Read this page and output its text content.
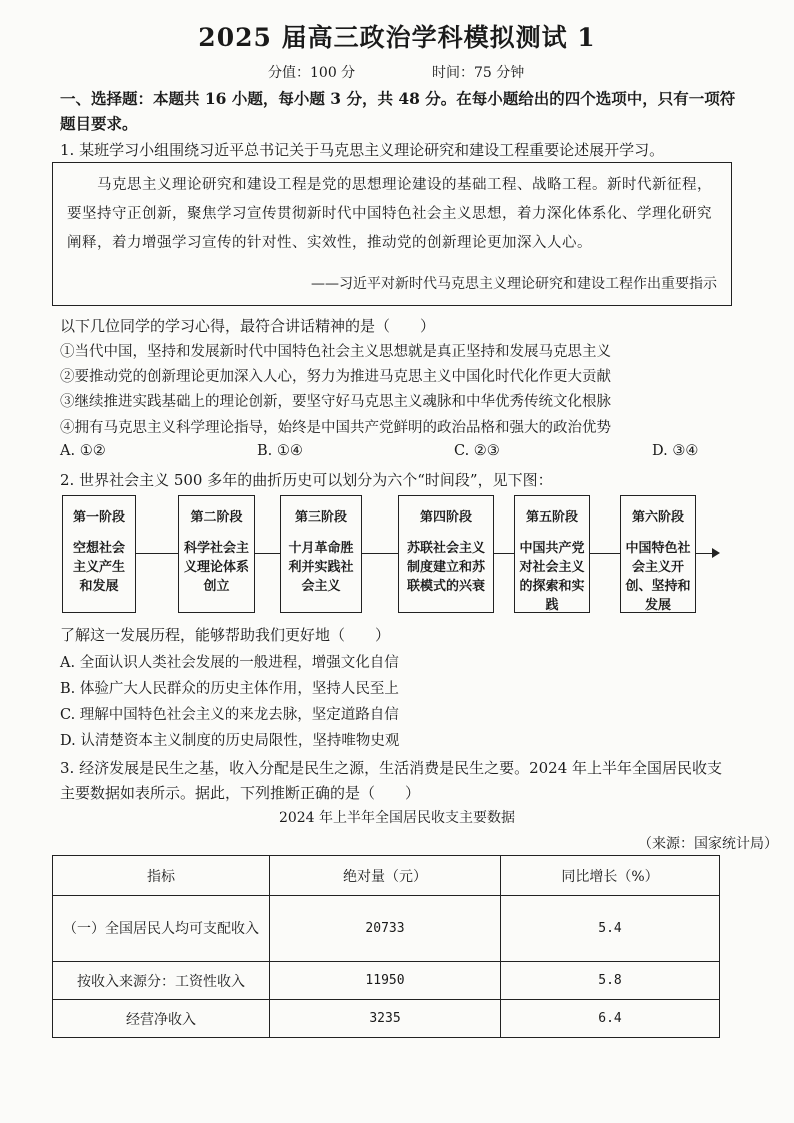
2025 届高三政治学科模拟测试 1
分值：100 分	时间：75 分钟
一、选择题：本题共 16 小题，每小题 3 分，共 48 分。在每小题给出的四个选项中，只有一项符
题目要求。
1. 某班学习小组围绕习近平总书记关于马克思主义理论研究和建设工程重要论述展开学习。
马克思主义理论研究和建设工程是党的思想理论建设的基础工程、战略工程。新时代新征程，要坚持守正创新，聚焦学习宣传贯彻新时代中国特色社会主义思想，着力深化体系化、学理化研究阐释，着力增强学习宣传的针对性、实效性，推动党的创新理论更加深入人心。
——习近平对新时代马克思主义理论研究和建设工程作出重要指示
以下几位同学的学习心得，最符合讲话精神的是（　　）
①当代中国，坚持和发展新时代中国特色社会主义思想就是真正坚持和发展马克思主义
②要推动党的创新理论更加深入人心，努力为推进马克思主义中国化时代化作更大贡献
③继续推进实践基础上的理论创新，要坚守好马克思主义魂脉和中华优秀传统文化根脉
④拥有马克思主义科学理论指导，始终是中国共产党鲜明的政治品格和强大的政治优势
A. ①②	B. ①④	C. ②③	D. ③④
2. 世界社会主义 500 多年的曲折历史可以划分为六个“时间段”，见下图：
第一阶段
空想社会主义产生和发展
第二阶段
科学社会主义理论体系创立
第三阶段
十月革命胜利并实践社会主义
第四阶段
苏联社会主义制度建立和苏联模式的兴衰
第五阶段
中国共产党对社会主义的探索和实践
第六阶段
中国特色社会主义开创、坚持和发展
了解这一发展历程，能够帮助我们更好地（　　）
A. 全面认识人类社会发展的一般进程，增强文化自信
B. 体验广大人民群众的历史主体作用，坚持人民至上
C. 理解中国特色社会主义的来龙去脉，坚定道路自信
D. 认清楚资本主义制度的历史局限性，坚持唯物史观
3. 经济发展是民生之基，收入分配是民生之源，生活消费是民生之要。2024 年上半年全国居民收支
主要数据如表所示。据此，下列推断正确的是（　　）
2024 年上半年全国居民收支主要数据
（来源：国家统计局）
指标	绝对量（元）	同比增长（%）
（一）全国居民人均可支配收入	20733	5.4
按收入来源分：工资性收入	11950	5.8
经营净收入	3235	6.4
